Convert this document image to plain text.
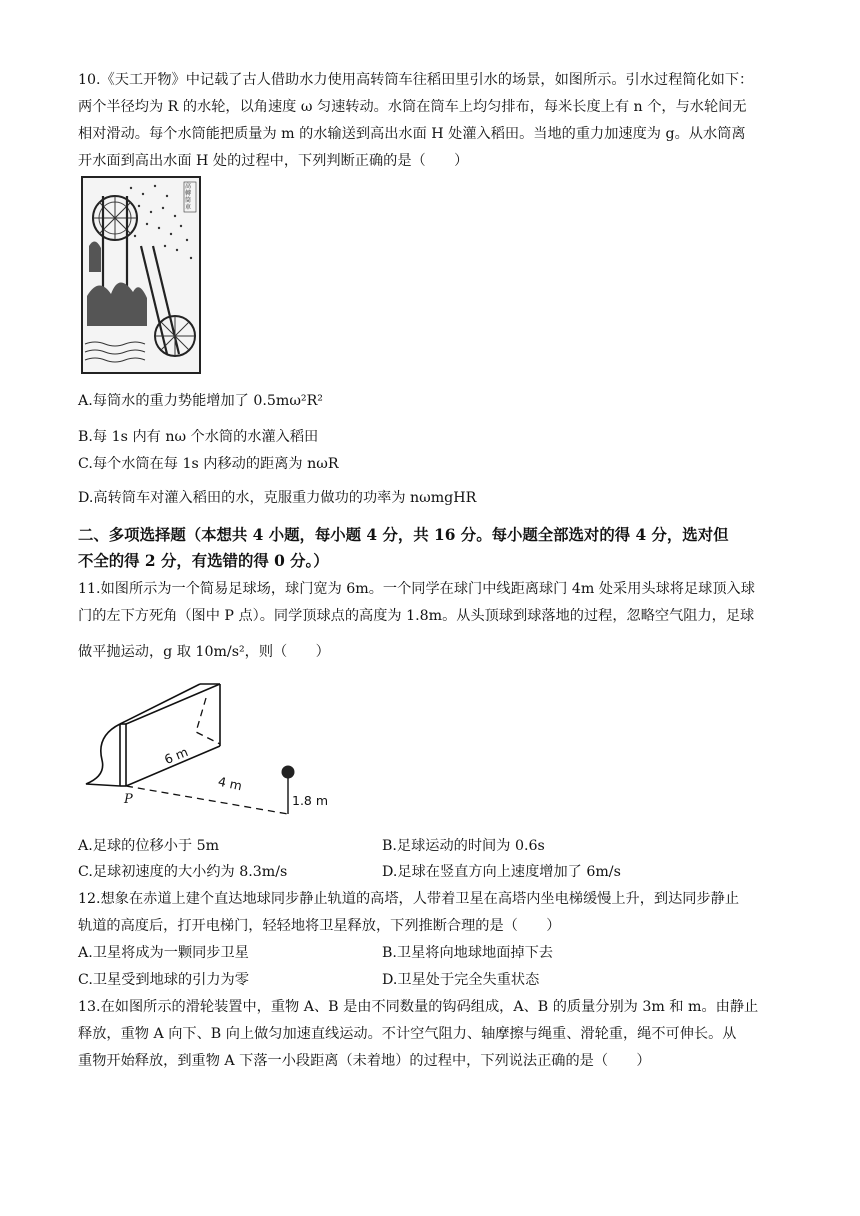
10.《天工开物》中记载了古人借助水力使用高转筒车往稻田里引水的场景，如图所示。引水过程简化如下：
两个半径均为 R 的水轮，以角速度 ω 匀速转动。水筒在筒车上均匀排布，每米长度上有 n 个，与水轮间无
相对滑动。每个水筒能把质量为 m 的水输送到高出水面 H 处灌入稻田。当地的重力加速度为 g。从水筒离
开水面到高出水面 H 处的过程中，下列判断正确的是（　　）
高轉筒車
A.每筒水的重力势能增加了 0.5mω²R²
B.每 1s 内有 nω 个水筒的水灌入稻田
C.每个水筒在每 1s 内移动的距离为 nωR
D.高转筒车对灌入稻田的水，克服重力做功的功率为 nωmgHR
二、多项选择题（本想共 4 小题，每小题 4 分，共 16 分。每小题全部选对的得 4 分，选对但
不全的得 2 分，有选错的得 0 分。）
11.如图所示为一个简易足球场，球门宽为 6m。一个同学在球门中线距离球门 4m 处采用头球将足球顶入球
门的左下方死角（图中 P 点）。同学顶球点的高度为 1.8m。从头顶球到球落地的过程，忽略空气阻力，足球
做平抛运动，g 取 10m/s²，则（　　）
6 m
4 m
1.8 m
P
A.足球的位移小于 5m	B.足球运动的时间为 0.6s
C.足球初速度的大小约为 8.3m/s	D.足球在竖直方向上速度增加了 6m/s
12.想象在赤道上建个直达地球同步静止轨道的高塔，人带着卫星在高塔内坐电梯缓慢上升，到达同步静止
轨道的高度后，打开电梯门，轻轻地将卫星释放，下列推断合理的是（　　）
A.卫星将成为一颗同步卫星	B.卫星将向地球地面掉下去
C.卫星受到地球的引力为零	D.卫星处于完全失重状态
13.在如图所示的滑轮装置中，重物 A、B 是由不同数量的钩码组成，A、B 的质量分别为 3m 和 m。由静止
释放，重物 A 向下、B 向上做匀加速直线运动。不计空气阻力、轴摩擦与绳重、滑轮重，绳不可伸长。从
重物开始释放，到重物 A 下落一小段距离（未着地）的过程中，下列说法正确的是（　　）
